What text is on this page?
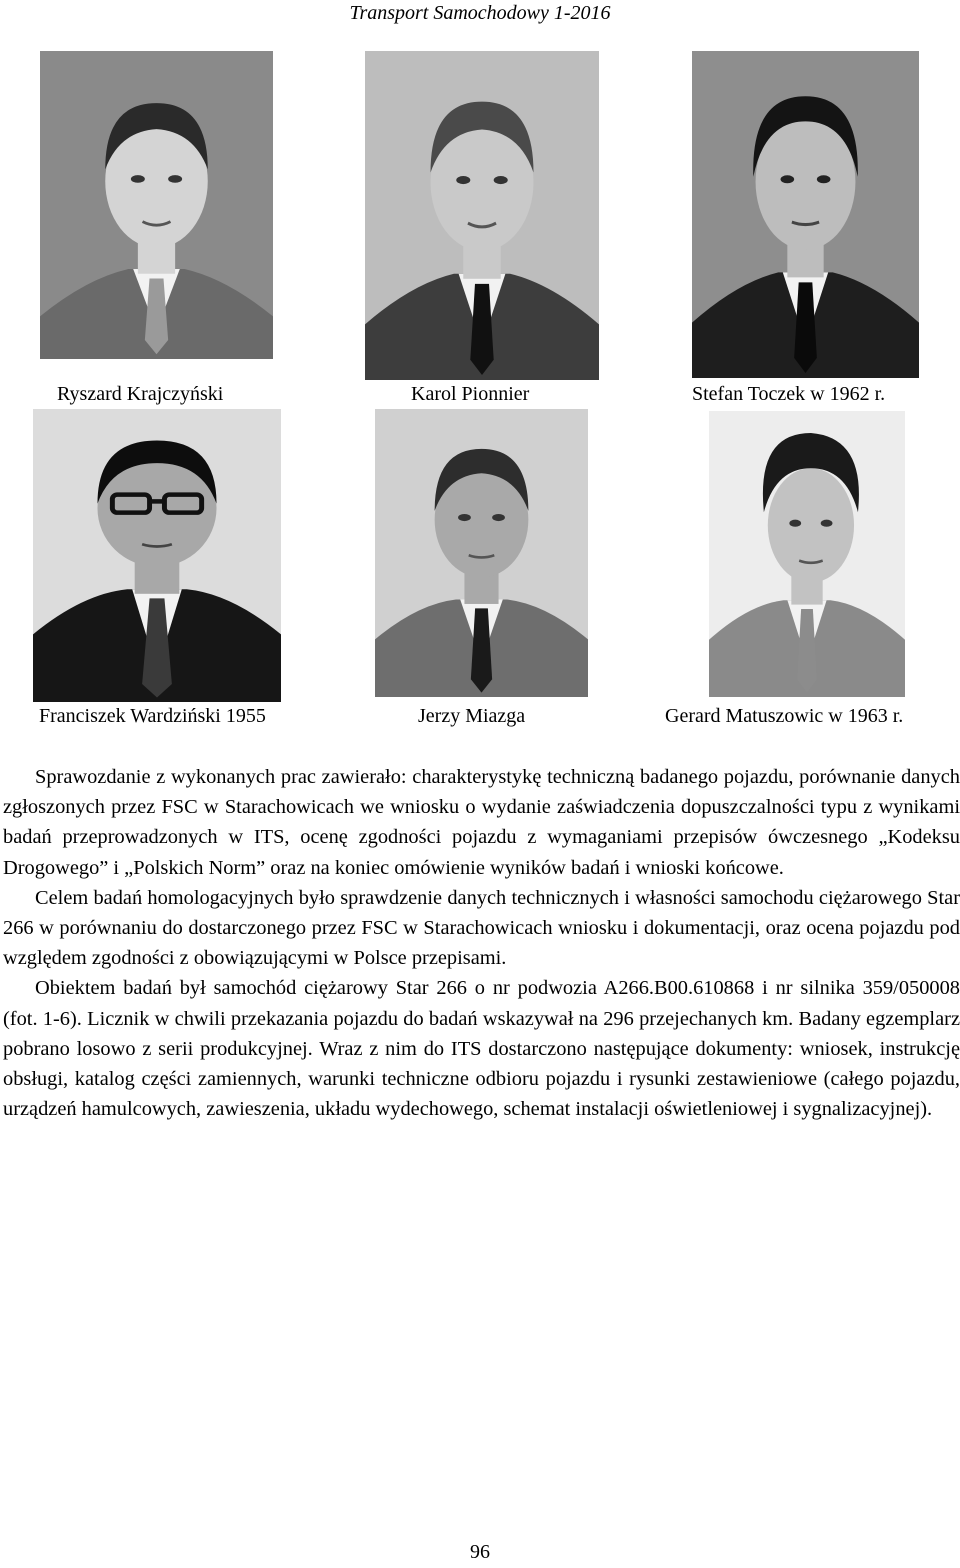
Transport Samochodowy 1-2016
Ryszard Krajczyński	Karol Pionnier	Stefan Toczek w 1962 r.
Franciszek Wardziński 1955	Jerzy Miazga	Gerard Matuszowic w 1963 r.

Sprawozdanie z wykonanych prac zawierało: charakterystykę techniczną badanego pojazdu, porównanie danych zgłoszonych przez FSC w Starachowicach we wniosku o wydanie zaświadczenia dopuszczalności typu z wynikami badań przeprowadzonych w ITS, ocenę zgodności pojazdu z wymaganiami przepisów ówczesnego „Kodeksu Drogowego” i „Polskich Norm” oraz na koniec omówienie wyników badań i wnioski końcowe.

Celem badań homologacyjnych było sprawdzenie danych technicznych i własności samochodu ciężarowego Star 266 w porównaniu do dostarczonego przez FSC w Starachowicach wniosku i dokumentacji, oraz ocena pojazdu pod względem zgodności z obowiązującymi w Polsce przepisami.

Obiektem badań był samochód ciężarowy Star 266 o nr podwozia A266.B00.610868 i nr silnika 359/050008 (fot. 1-6). Licznik w chwili przekazania pojazdu do badań wskazywał na 296 przejechanych km. Badany egzemplarz pobrano losowo z serii produkcyjnej. Wraz z nim do ITS dostarczono następujące dokumenty: wniosek, instrukcję obsługi, katalog części zamiennych, warunki techniczne odbioru pojazdu i rysunki zestawieniowe (całego pojazdu, urządzeń hamulcowych, zawieszenia, układu wydechowego, schemat instalacji oświetleniowej i sygnalizacyjnej).

96
